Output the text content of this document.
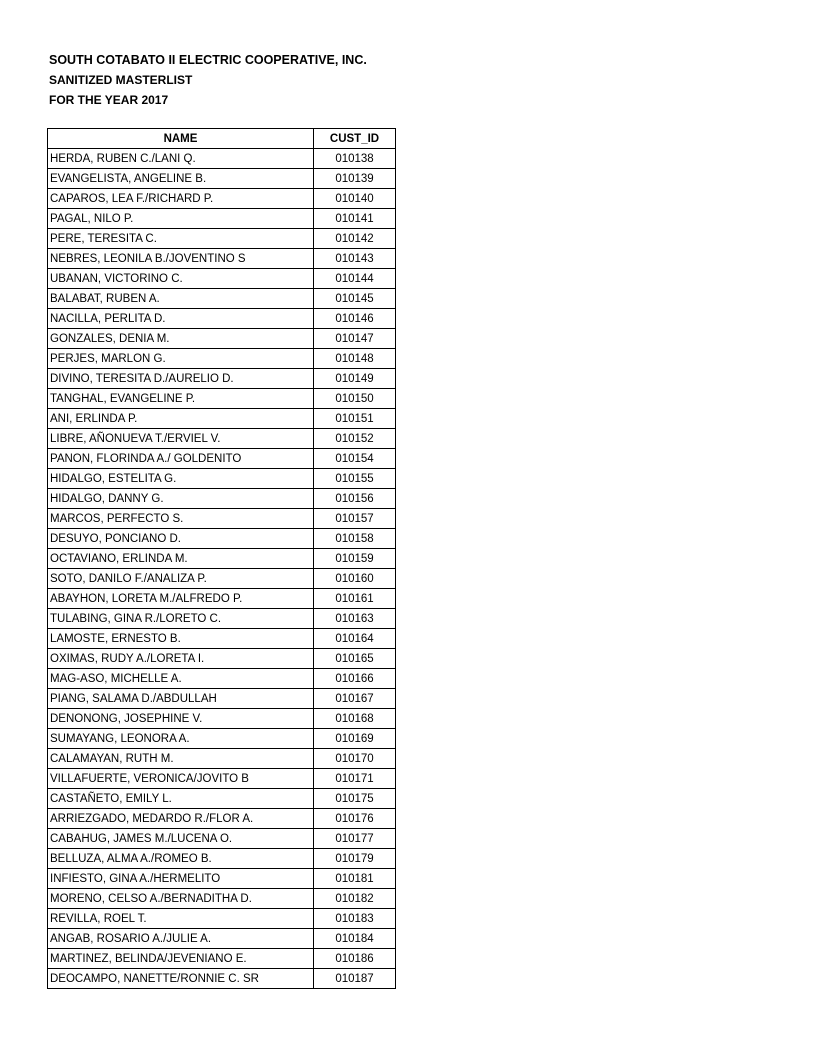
SOUTH COTABATO II ELECTRIC COOPERATIVE, INC.
SANITIZED MASTERLIST
FOR THE YEAR 2017
NAME	CUST_ID
HERDA, RUBEN C./LANI Q.	010138
EVANGELISTA, ANGELINE B.	010139
CAPAROS, LEA F./RICHARD P.	010140
PAGAL, NILO P.	010141
PERE, TERESITA C.	010142
NEBRES, LEONILA B./JOVENTINO S	010143
UBANAN, VICTORINO C.	010144
BALABAT, RUBEN A.	010145
NACILLA, PERLITA D.	010146
GONZALES, DENIA M.	010147
PERJES, MARLON G.	010148
DIVINO, TERESITA D./AURELIO D.	010149
TANGHAL, EVANGELINE P.	010150
ANI, ERLINDA P.	010151
LIBRE, AÑONUEVA T./ERVIEL V.	010152
PANON, FLORINDA A./ GOLDENITO	010154
HIDALGO, ESTELITA G.	010155
HIDALGO, DANNY G.	010156
MARCOS, PERFECTO S.	010157
DESUYO, PONCIANO D.	010158
OCTAVIANO, ERLINDA M.	010159
SOTO, DANILO F./ANALIZA P.	010160
ABAYHON, LORETA M./ALFREDO P.	010161
TULABING, GINA R./LORETO C.	010163
LAMOSTE, ERNESTO B.	010164
OXIMAS, RUDY A./LORETA I.	010165
MAG-ASO, MICHELLE A.	010166
PIANG, SALAMA D./ABDULLAH	010167
DENONONG, JOSEPHINE V.	010168
SUMAYANG, LEONORA A.	010169
CALAMAYAN, RUTH M.	010170
VILLAFUERTE, VERONICA/JOVITO B	010171
CASTAÑETO, EMILY L.	010175
ARRIEZGADO, MEDARDO R./FLOR A.	010176
CABAHUG, JAMES M./LUCENA O.	010177
BELLUZA, ALMA A./ROMEO B.	010179
INFIESTO, GINA A./HERMELITO	010181
MORENO, CELSO A./BERNADITHA D.	010182
REVILLA, ROEL T.	010183
ANGAB, ROSARIO A./JULIE A.	010184
MARTINEZ, BELINDA/JEVENIANO E.	010186
DEOCAMPO, NANETTE/RONNIE C. SR	010187
